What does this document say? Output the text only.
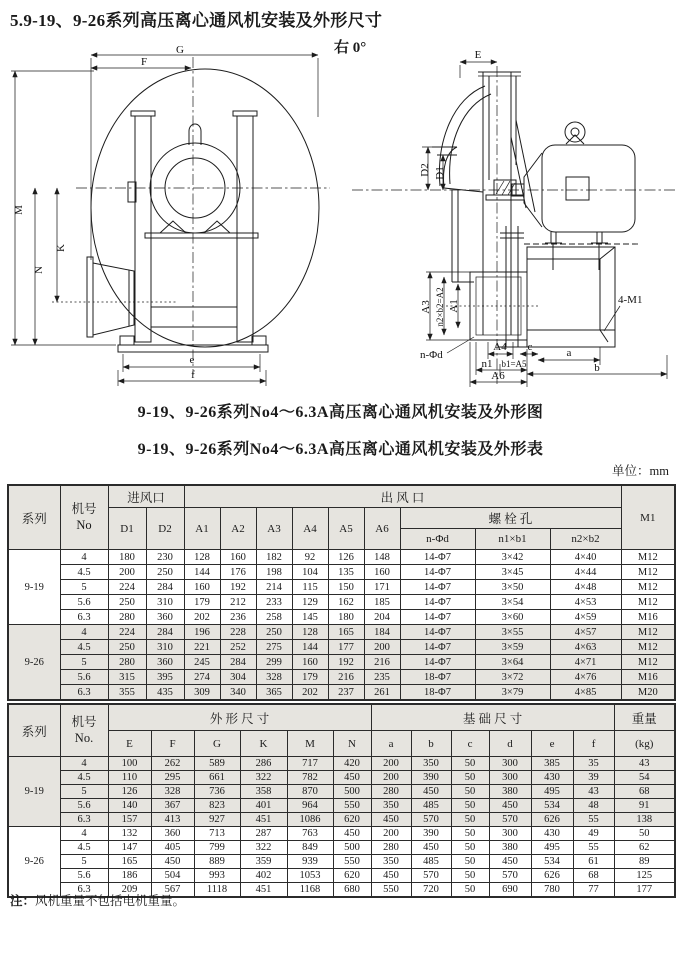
5.9-19、9-26系列高压离心通风机安装及外形尺寸
右 0°
G
F
M
N
K
e
f
E
D2 D1
A3 n2×b2=A2 A1
n-Φd
A4 c
n1 b1=A5
a
b
A6
4-M1
9-19、9-26系列No4～6.3A高压离心通风机安装及外形图
9-19、9-26系列No4～6.3A高压离心通风机安装及外形表
单位：mm
系列	机号
No	进风口		出 风 口									M1
		D1	D2	A1	A2	A3	A4	A5	A6	螺 栓 孔			
										n-Φd	n1×b1	n2×b2	
9-19	4	180	230	128	160	182	92	126	148	14-Φ7	3×42	4×40	M12
	4.5	200	250	144	176	198	104	135	160	14-Φ7	3×45	4×44	M12
	5	224	284	160	192	214	115	150	171	14-Φ7	3×50	4×48	M12
	5.6	250	310	179	212	233	129	162	185	14-Φ7	3×54	4×53	M12
	6.3	280	360	202	236	258	145	180	204	14-Φ7	3×60	4×59	M16
9-26	4	224	284	196	228	250	128	165	184	14-Φ7	3×55	4×57	M12
	4.5	250	310	221	252	275	144	177	200	14-Φ7	3×59	4×63	M12
	5	280	360	245	284	299	160	192	216	14-Φ7	3×64	4×71	M12
	5.6	315	395	274	304	328	179	216	235	18-Φ7	3×72	4×76	M16
	6.3	355	435	309	340	365	202	237	261	18-Φ7	3×79	4×85	M20
系列	机号
No.	外 形 尺 寸						基 础 尺 寸						重量
		E	F	G	K	M	N	a	b	c	d	e	f	(kg)
9-19	4	100	262	589	286	717	420	200	350	50	300	385	35	43
	4.5	110	295	661	322	782	450	200	390	50	300	430	39	54
	5	126	328	736	358	870	500	280	450	50	380	495	43	68
	5.6	140	367	823	401	964	550	350	485	50	450	534	48	91
	6.3	157	413	927	451	1086	620	450	570	50	570	626	55	138
9-26	4	132	360	713	287	763	450	200	390	50	300	430	49	50
	4.5	147	405	799	322	849	500	280	450	50	380	495	55	62
	5	165	450	889	359	939	550	350	485	50	450	534	61	89
	5.6	186	504	993	402	1053	620	450	570	50	570	626	68	125
	6.3	209	567	1118	451	1168	680	550	720	50	690	780	77	177
注：风机重量不包括电机重量。
